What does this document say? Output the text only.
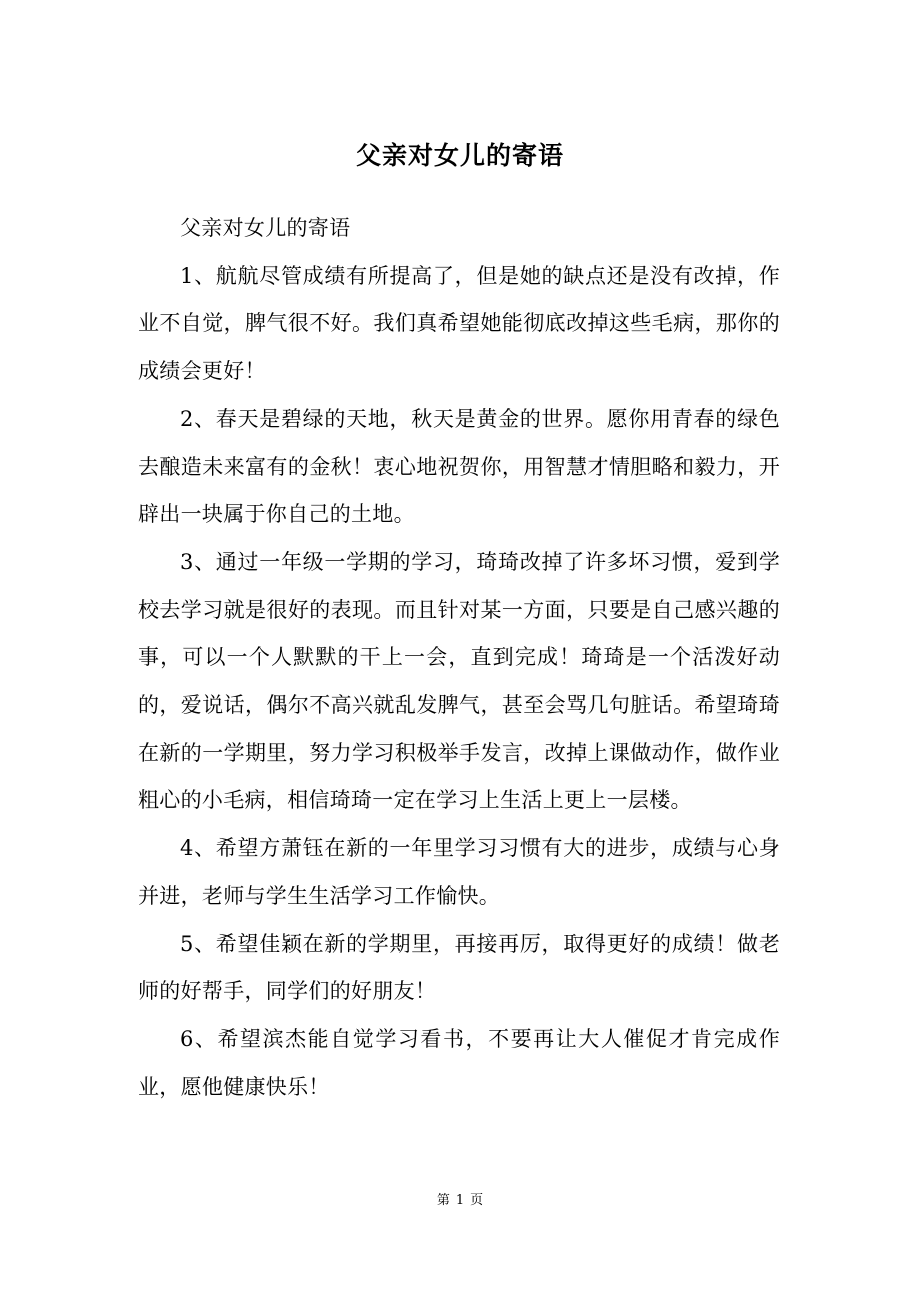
父亲对女儿的寄语

父亲对女儿的寄语

1、航航尽管成绩有所提高了，但是她的缺点还是没有改掉，作业不自觉，脾气很不好。我们真希望她能彻底改掉这些毛病，那你的成绩会更好！

2、春天是碧绿的天地，秋天是黄金的世界。愿你用青春的绿色去酿造未来富有的金秋！衷心地祝贺你，用智慧才情胆略和毅力，开辟出一块属于你自己的土地。

3、通过一年级一学期的学习，琦琦改掉了许多坏习惯，爱到学校去学习就是很好的表现。而且针对某一方面，只要是自己感兴趣的事，可以一个人默默的干上一会，直到完成！琦琦是一个活泼好动的，爱说话，偶尔不高兴就乱发脾气，甚至会骂几句脏话。希望琦琦在新的一学期里，努力学习积极举手发言，改掉上课做动作，做作业粗心的小毛病，相信琦琦一定在学习上生活上更上一层楼。

4、希望方萧钰在新的一年里学习习惯有大的进步，成绩与心身并进，老师与学生生活学习工作愉快。

5、希望佳颖在新的学期里，再接再厉，取得更好的成绩！做老师的好帮手，同学们的好朋友！

6、希望滨杰能自觉学习看书，不要再让大人催促才肯完成作业，愿他健康快乐！

第 1 页
